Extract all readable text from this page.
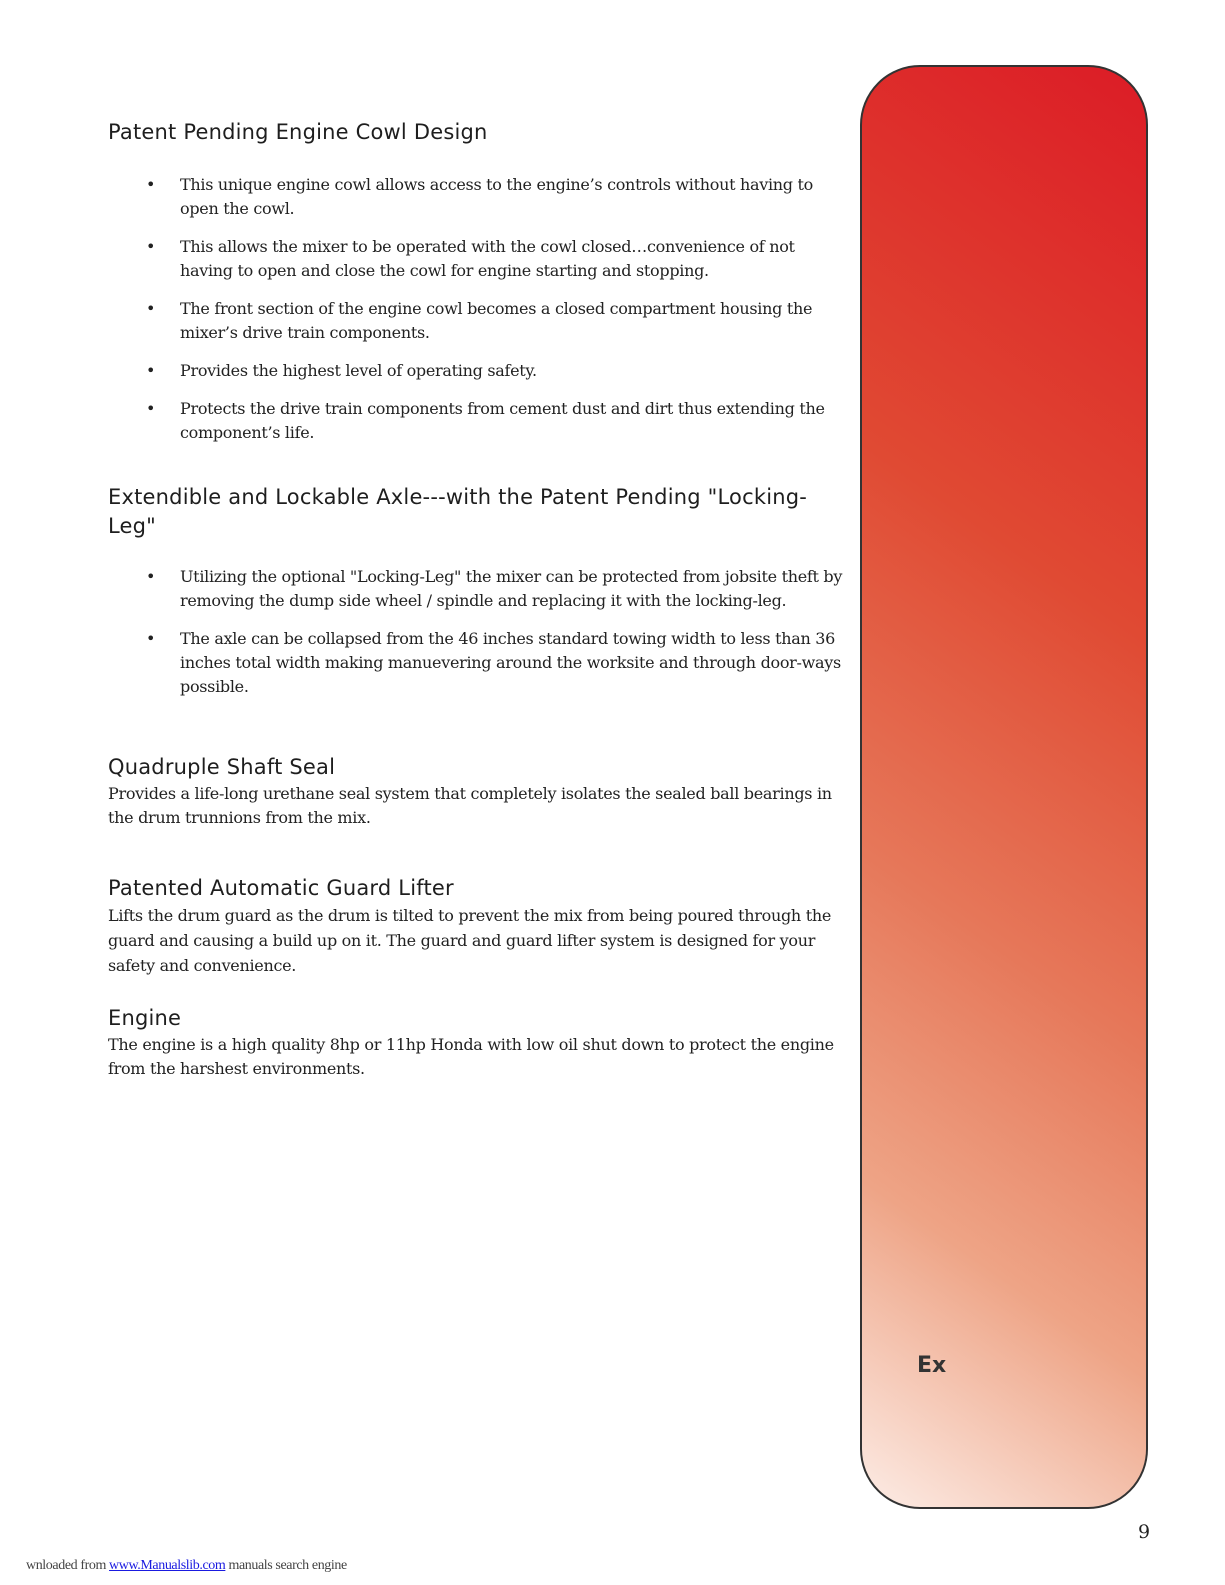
Patent Pending Engine Cowl Design
• This unique engine cowl allows access to the engine’s controls without having to open the cowl.
• This allows the mixer to be operated with the cowl closed…convenience of not having to open and close the cowl for engine starting and stopping.
• The front section of the engine cowl becomes a closed compartment housing the mixer’s drive train components.
• Provides the highest level of operating safety.
• Protects the drive train components from cement dust and dirt thus extending the component’s life.
Extendible and Lockable Axle---with the Patent Pending "Locking-Leg"
• Utilizing the optional "Locking-Leg" the mixer can be protected from jobsite theft by removing the dump side wheel / spindle and replacing it with the locking-leg.
• The axle can be collapsed from the 46 inches standard towing width to less than 36 inches total width making manuevering around the worksite and through door-ways possible.
Quadruple Shaft Seal

Provides a life-long urethane seal system that completely isolates the sealed ball bearings in the drum trunnions from the mix.

Patented Automatic Guard Lifter

Lifts the drum guard as the drum is tilted to prevent the mix from being poured through the guard and causing a build up on it. The guard and guard lifter system is designed for your safety and convenience.

Engine

The engine is a high quality 8hp or 11hp Honda with low oil shut down to protect the engine from the harshest environments.

Ex
9
wnloaded from www.Manualslib.com manuals search engine
